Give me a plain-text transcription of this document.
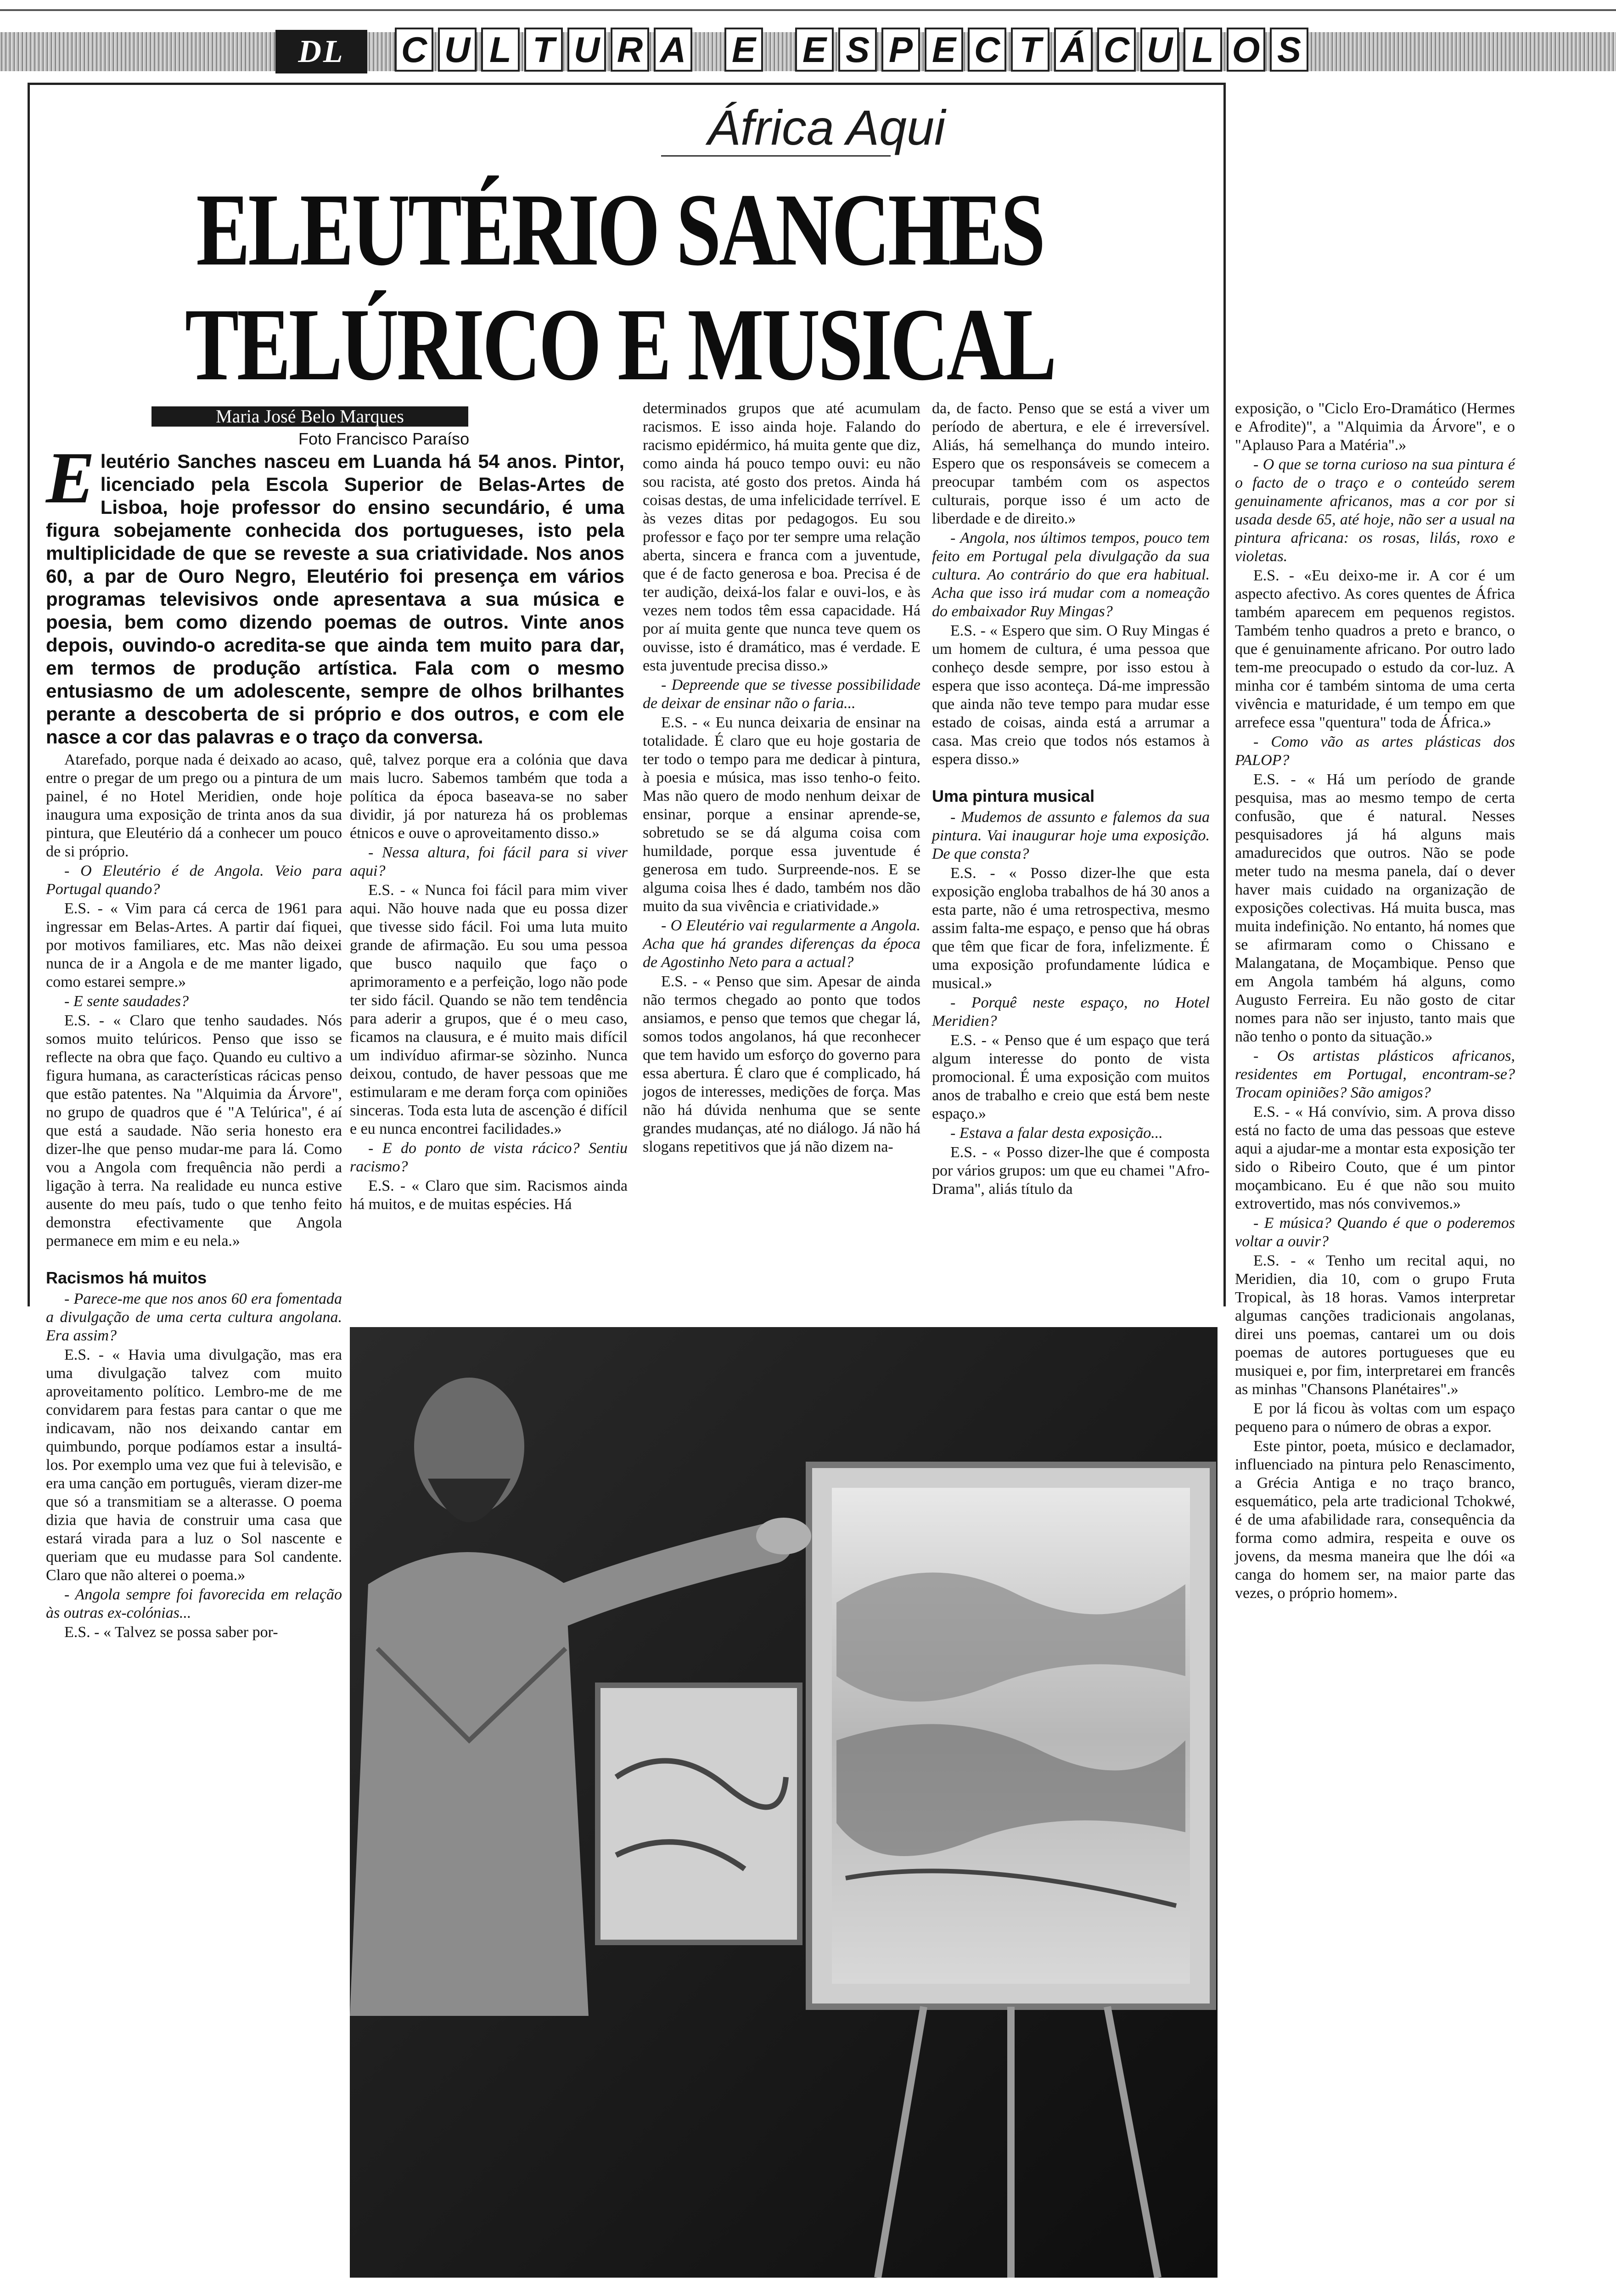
DL	C U L T U R A E E S P E C T Á C U L O S
África Aqui
ELEUTÉRIO SANCHES
TELÚRICO E MUSICAL
Maria José Belo Marques
Foto Francisco Paraíso

Eleutério Sanches nasceu em Luanda há 54 anos. Pintor, licenciado pela Escola Superior de Belas-Artes de Lisboa, hoje professor do ensino secundário, é uma figura sobejamente conhecida dos portugueses, isto pela multiplicidade de que se reveste a sua criatividade. Nos anos 60, a par de Ouro Negro, Eleutério foi presença em vários programas televisivos onde apresentava a sua música e poesia, bem como dizendo poemas de outros. Vinte anos depois, ouvindo-o acredita-se que ainda tem muito para dar, em termos de produção artística. Fala com o mesmo entusiasmo de um adolescente, sempre de olhos brilhantes perante a descoberta de si próprio e dos outros, e com ele nasce a cor das palavras e o traço da conversa.

Atarefado, porque nada é deixado ao acaso, entre o pregar de um prego ou a pintura de um painel, é no Hotel Meridien, onde hoje inaugura uma exposição de trinta anos da sua pintura, que Eleutério dá a conhecer um pouco de si próprio.

- O Eleutério é de Angola. Veio para Portugal quando?

E.S. - « Vim para cá cerca de 1961 para ingressar em Belas-Artes. A partir daí fiquei, por motivos familiares, etc. Mas não deixei nunca de ir a Angola e de me manter ligado, como estarei sempre.»

- E sente saudades?

E.S. - « Claro que tenho saudades. Nós somos muito telúricos. Penso que isso se reflecte na obra que faço. Quando eu cultivo a figura humana, as características rácicas penso que estão patentes. Na "Alquimia da Árvore", no grupo de quadros que é "A Telúrica", é aí que está a saudade. Não seria honesto era dizer-lhe que penso mudar-me para lá. Como vou a Angola com frequência não perdi a ligação à terra. Na realidade eu nunca estive ausente do meu país, tudo o que tenho feito demonstra efectivamente que Angola permanece em mim e eu nela.»

Racismos há muitos

- Parece-me que nos anos 60 era fomentada a divulgação de uma certa cultura angolana. Era assim?

E.S. - « Havia uma divulgação, mas era uma divulgação talvez com muito aproveitamento político. Lembro-me de me convidarem para festas para cantar o que me indicavam, não nos deixando cantar em quimbundo, porque podíamos estar a insultá-los. Por exemplo uma vez que fui à televisão, e era uma canção em português, vieram dizer-me que só a transmitiam se a alterasse. O poema dizia que havia de construir uma casa que estará virada para a luz o Sol nascente e queriam que eu mudasse para Sol candente. Claro que não alterei o poema.»

- Angola sempre foi favorecida em relação às outras ex-colónias...

E.S. - « Talvez se possa saber por-

quê, talvez porque era a colónia que dava mais lucro. Sabemos também que toda a política da época baseava-se no saber dividir, já por natureza há os problemas étnicos e ouve o aproveitamento disso.»

- Nessa altura, foi fácil para si viver aqui?

E.S. - « Nunca foi fácil para mim viver aqui. Não houve nada que eu possa dizer que tivesse sido fácil. Foi uma luta muito grande de afirmação. Eu sou uma pessoa que busco naquilo que faço o aprimoramento e a perfeição, logo não pode ter sido fácil. Quando se não tem tendência para aderir a grupos, que é o meu caso, ficamos na clausura, e é muito mais difícil um indivíduo afirmar-se sòzinho. Nunca deixou, contudo, de haver pessoas que me estimularam e me deram força com opiniões sinceras. Toda esta luta de ascenção é difícil e eu nunca encontrei facilidades.»

- E do ponto de vista rácico? Sentiu racismo?

E.S. - « Claro que sim. Racismos ainda há muitos, e de muitas espécies. Há

determinados grupos que até acumulam racismos. E isso ainda hoje. Falando do racismo epidérmico, há muita gente que diz, como ainda há pouco tempo ouvi: eu não sou racista, até gosto dos pretos. Ainda há coisas destas, de uma infelicidade terrível. E às vezes ditas por pedagogos. Eu sou professor e faço por ter sempre uma relação aberta, sincera e franca com a juventude, que é de facto generosa e boa. Precisa é de ter audição, deixá-los falar e ouvi-los, e às vezes nem todos têm essa capacidade. Há por aí muita gente que nunca teve quem os ouvisse, isto é dramático, mas é verdade. E esta juventude precisa disso.»

- Depreende que se tivesse possibilidade de deixar de ensinar não o faria...

E.S. - « Eu nunca deixaria de ensinar na totalidade. É claro que eu hoje gostaria de ter todo o tempo para me dedicar à pintura, à poesia e música, mas isso tenho-o feito. Mas não quero de modo nenhum deixar de ensinar, porque a ensinar aprende-se, sobretudo se se dá alguma coisa com humildade, porque essa juventude é generosa em tudo. Surpreende-nos. E se alguma coisa lhes é dado, também nos dão muito da sua vivência e criatividade.»

- O Eleutério vai regularmente a Angola. Acha que há grandes diferenças da época de Agostinho Neto para a actual?

E.S. - « Penso que sim. Apesar de ainda não termos chegado ao ponto que todos ansiamos, e penso que temos que chegar lá, somos todos angolanos, há que reconhecer que tem havido um esforço do governo para essa abertura. É claro que é complicado, há jogos de interesses, medições de força. Mas não há dúvida nenhuma que se sente grandes mudanças, até no diálogo. Já não há slogans repetitivos que já não dizem na-

da, de facto. Penso que se está a viver um período de abertura, e ele é irreversível. Aliás, há semelhança do mundo inteiro. Espero que os responsáveis se comecem a preocupar também com os aspectos culturais, porque isso é um acto de liberdade e de direito.»

- Angola, nos últimos tempos, pouco tem feito em Portugal pela divulgação da sua cultura. Ao contrário do que era habitual. Acha que isso irá mudar com a nomeação do embaixador Ruy Mingas?

E.S. - « Espero que sim. O Ruy Mingas é um homem de cultura, é uma pessoa que conheço desde sempre, por isso estou à espera que isso aconteça. Dá-me impressão que ainda não teve tempo para mudar esse estado de coisas, ainda está a arrumar a casa. Mas creio que todos nós estamos à espera disso.»

Uma pintura musical

- Mudemos de assunto e falemos da sua pintura. Vai inaugurar hoje uma exposição. De que consta?

E.S. - « Posso dizer-lhe que esta exposição engloba trabalhos de há 30 anos a esta parte, não é uma retrospectiva, mesmo assim falta-me espaço, e penso que há obras que têm que ficar de fora, infelizmente. É uma exposição profundamente lúdica e musical.»

- Porquê neste espaço, no Hotel Meridien?

E.S. - « Penso que é um espaço que terá algum interesse do ponto de vista promocional. É uma exposição com muitos anos de trabalho e creio que está bem neste espaço.»

- Estava a falar desta exposição...

E.S. - « Posso dizer-lhe que é composta por vários grupos: um que eu chamei "Afro-Drama", aliás título da

exposição, o "Ciclo Ero-Dramático (Hermes e Afrodite)", a "Alquimia da Árvore", e o "Aplauso Para a Matéria".»

- O que se torna curioso na sua pintura é o facto de o traço e o conteúdo serem genuinamente africanos, mas a cor por si usada desde 65, até hoje, não ser a usual na pintura africana: os rosas, lilás, roxo e violetas.

E.S. - «Eu deixo-me ir. A cor é um aspecto afectivo. As cores quentes de África também aparecem em pequenos registos. Também tenho quadros a preto e branco, o que é genuinamente africano. Por outro lado tem-me preocupado o estudo da cor-luz. A minha cor é também sintoma de uma certa vivência e maturidade, é um tempo em que arrefece essa "quentura" toda de África.»

- Como vão as artes plásticas dos PALOP?

E.S. - « Há um período de grande pesquisa, mas ao mesmo tempo de certa confusão, que é natural. Nesses pesquisadores já há alguns mais amadurecidos que outros. Não se pode meter tudo na mesma panela, daí o dever haver mais cuidado na organização de exposições colectivas. Há muita busca, mas muita indefinição. No entanto, há nomes que se afirmaram como o Chissano e Malangatana, de Moçambique. Penso que em Angola também há alguns, como Augusto Ferreira. Eu não gosto de citar nomes para não ser injusto, tanto mais que não tenho o ponto da situação.»

- Os artistas plásticos africanos, residentes em Portugal, encontram-se? Trocam opiniões? São amigos?

E.S. - « Há convívio, sim. A prova disso está no facto de uma das pessoas que esteve aqui a ajudar-me a montar esta exposição ter sido o Ribeiro Couto, que é um pintor moçambicano. Eu é que não sou muito extrovertido, mas nós convivemos.»

- E música? Quando é que o poderemos voltar a ouvir?

E.S. - « Tenho um recital aqui, no Meridien, dia 10, com o grupo Fruta Tropical, às 18 horas. Vamos interpretar algumas canções tradicionais angolanas, direi uns poemas, cantarei um ou dois poemas de autores portugueses que eu musiquei e, por fim, interpretarei em francês as minhas "Chansons Planétaires".»

E por lá ficou às voltas com um espaço pequeno para o número de obras a expor.

Este pintor, poeta, músico e declamador, influenciado na pintura pelo Renascimento, a Grécia Antiga e no traço branco, esquemático, pela arte tradicional Tchokwé, é de uma afabilidade rara, consequência da forma como admira, respeita e ouve os jovens, da mesma maneira que lhe dói «a canga do homem ser, na maior parte das vezes, o próprio homem».
